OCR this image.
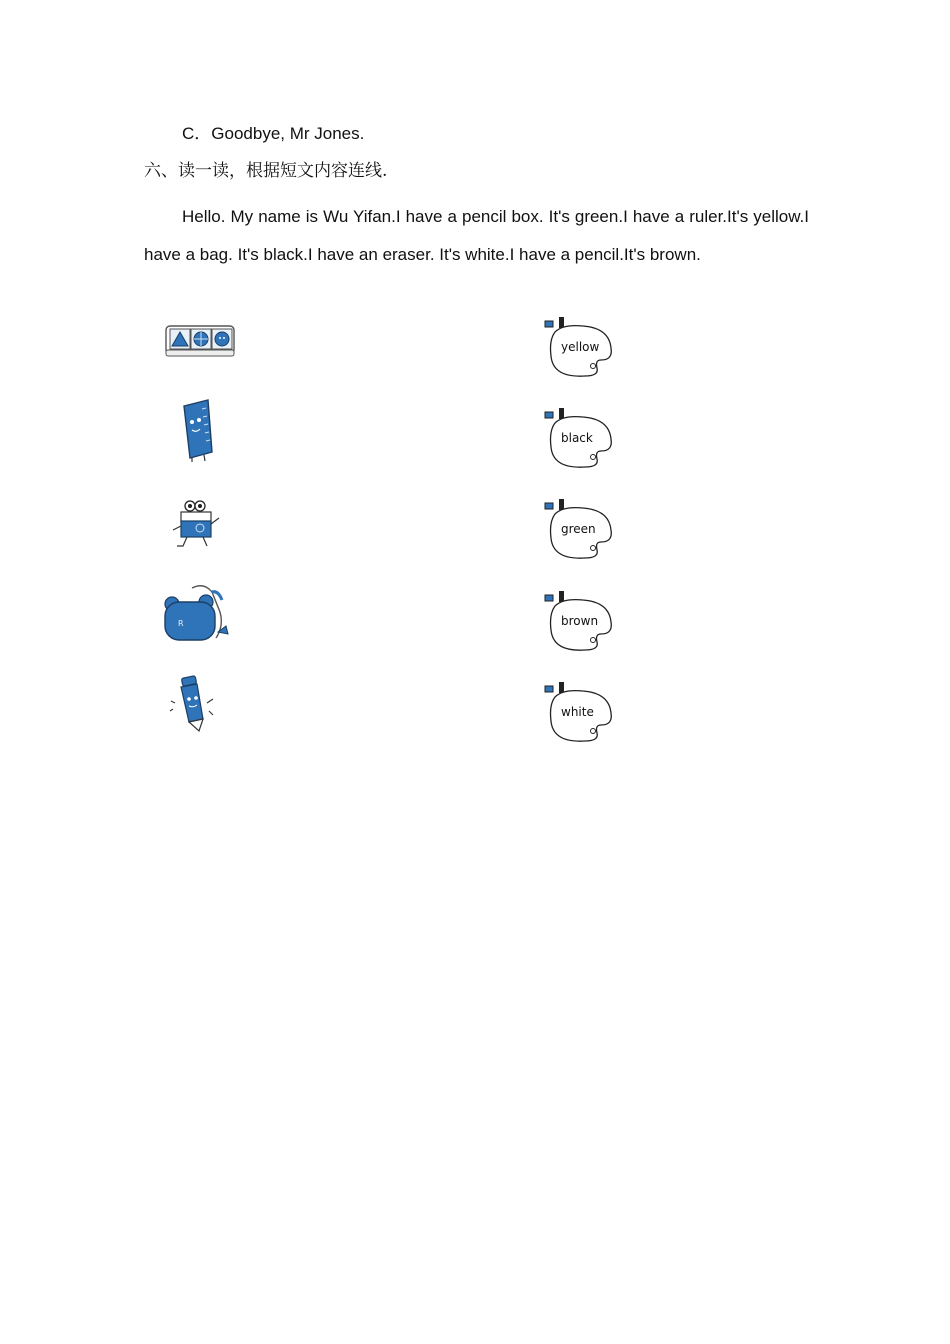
C．Goodbye, Mr Jones.
六、读一读，根据短文内容连线.
Hello. My name is Wu Yifan.I have a pencil box. It's green.I have a ruler.It's yellow.I have a bag. It's black.I have an eraser. It's white.I have a pencil.It's brown.
R
yellow
black
green
brown
white
